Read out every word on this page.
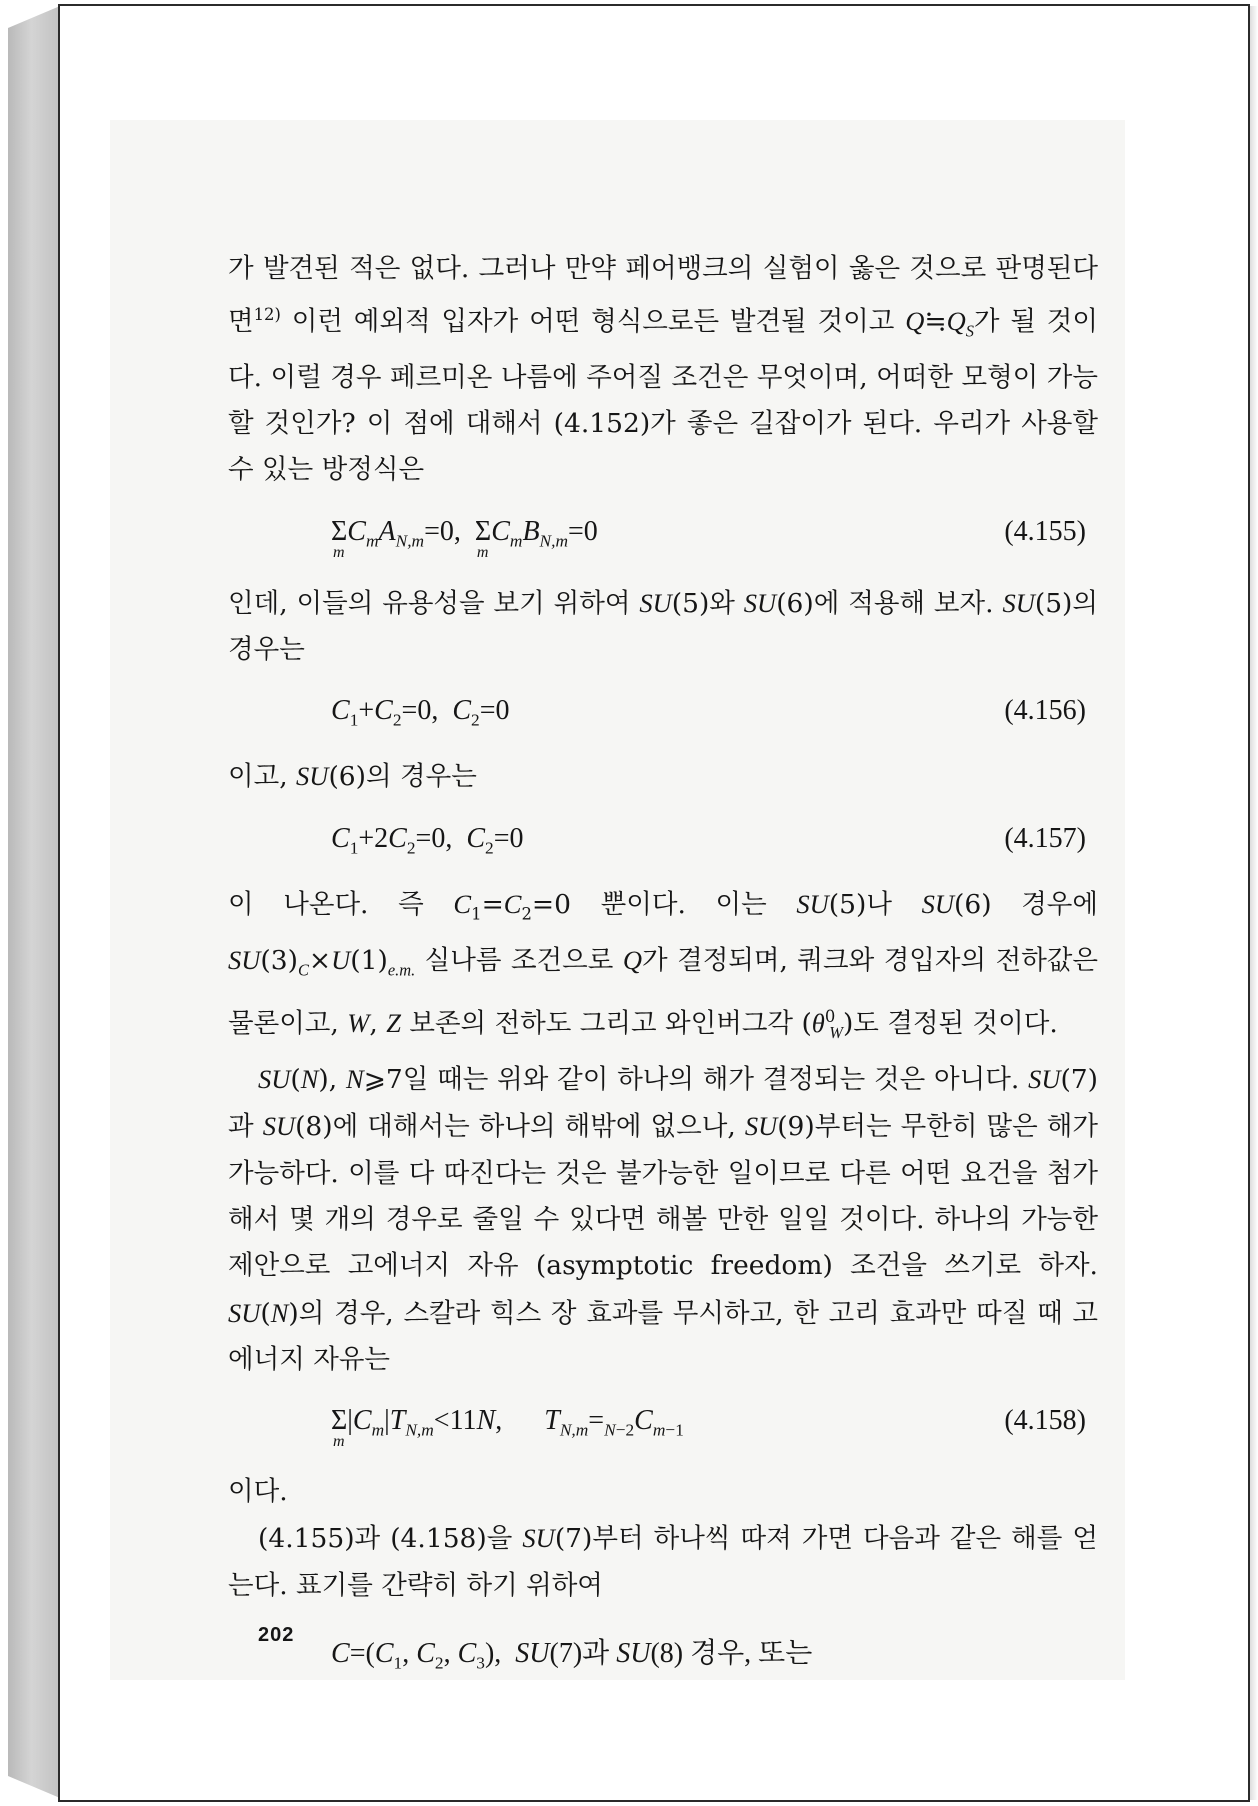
가 발견된 적은 없다. 그러나 만약 페어뱅크의 실험이 옳은 것으로 판명된다면$^{12)}$ 이런 예외적 입자가 어떤 형식으로든 발견될 것이고 $Q≒Q_S$가 될 것이다. 이럴 경우 페르미온 나름에 주어질 조건은 무엇이며, 어떠한 모형이 가능할 것인가? 이 점에 대해서 (4.152)가 좋은 길잡이가 된다. 우리가 사용할 수 있는 방정식은

Σ
m
$C_mA_{N,m}=0$,  Σ
m
$C_mB_{N,m}=0$	(4.155)

인데, 이들의 유용성을 보기 위하여 SU(5)와 SU(6)에 적용해 보자. SU(5)의 경우는

$C_1+C_2=0$,  $C_2=0$	(4.156)

이고, SU(6)의 경우는

$C_1+2C_2=0$,  $C_2=0$	(4.157)

이 나온다. 즉 $C_1=C_2=0$ 뿐이다. 이는 SU(5)나 SU(6) 경우에 $SU(3)_C\times U(1)_{e.m.}$ 실나름 조건으로 Q가 결정되며, 쿼크와 경입자의 전하값은 물론이고, W, Z 보존의 전하도 그리고 와인버그각 $(\theta^0_W)$도 결정된 것이다.

SU(N), N⩾7일 때는 위와 같이 하나의 해가 결정되는 것은 아니다. SU(7)과 SU(8)에 대해서는 하나의 해밖에 없으나, SU(9)부터는 무한히 많은 해가 가능하다. 이를 다 따진다는 것은 불가능한 일이므로 다른 어떤 요건을 첨가해서 몇 개의 경우로 줄일 수 있다면 해볼 만한 일일 것이다. 하나의 가능한 제안으로 고에너지 자유 (asymptotic freedom) 조건을 쓰기로 하자. SU(N)의 경우, 스칼라 힉스 장 효과를 무시하고, 한 고리 효과만 따질 때 고에너지 자유는

Σ
m
$|C_m|T_{N,m}<11N$,      $T_{N,m}=_{N-2}C_{m-1}$	(4.158)

이다.

(4.155)과 (4.158)을 SU(7)부터 하나씩 따져 가면 다음과 같은 해를 얻는다. 표기를 간략히 하기 위하여

$C=(C_1$, $C_2$, $C_3$),  SU(7)과 SU(8) 경우, 또는
202
